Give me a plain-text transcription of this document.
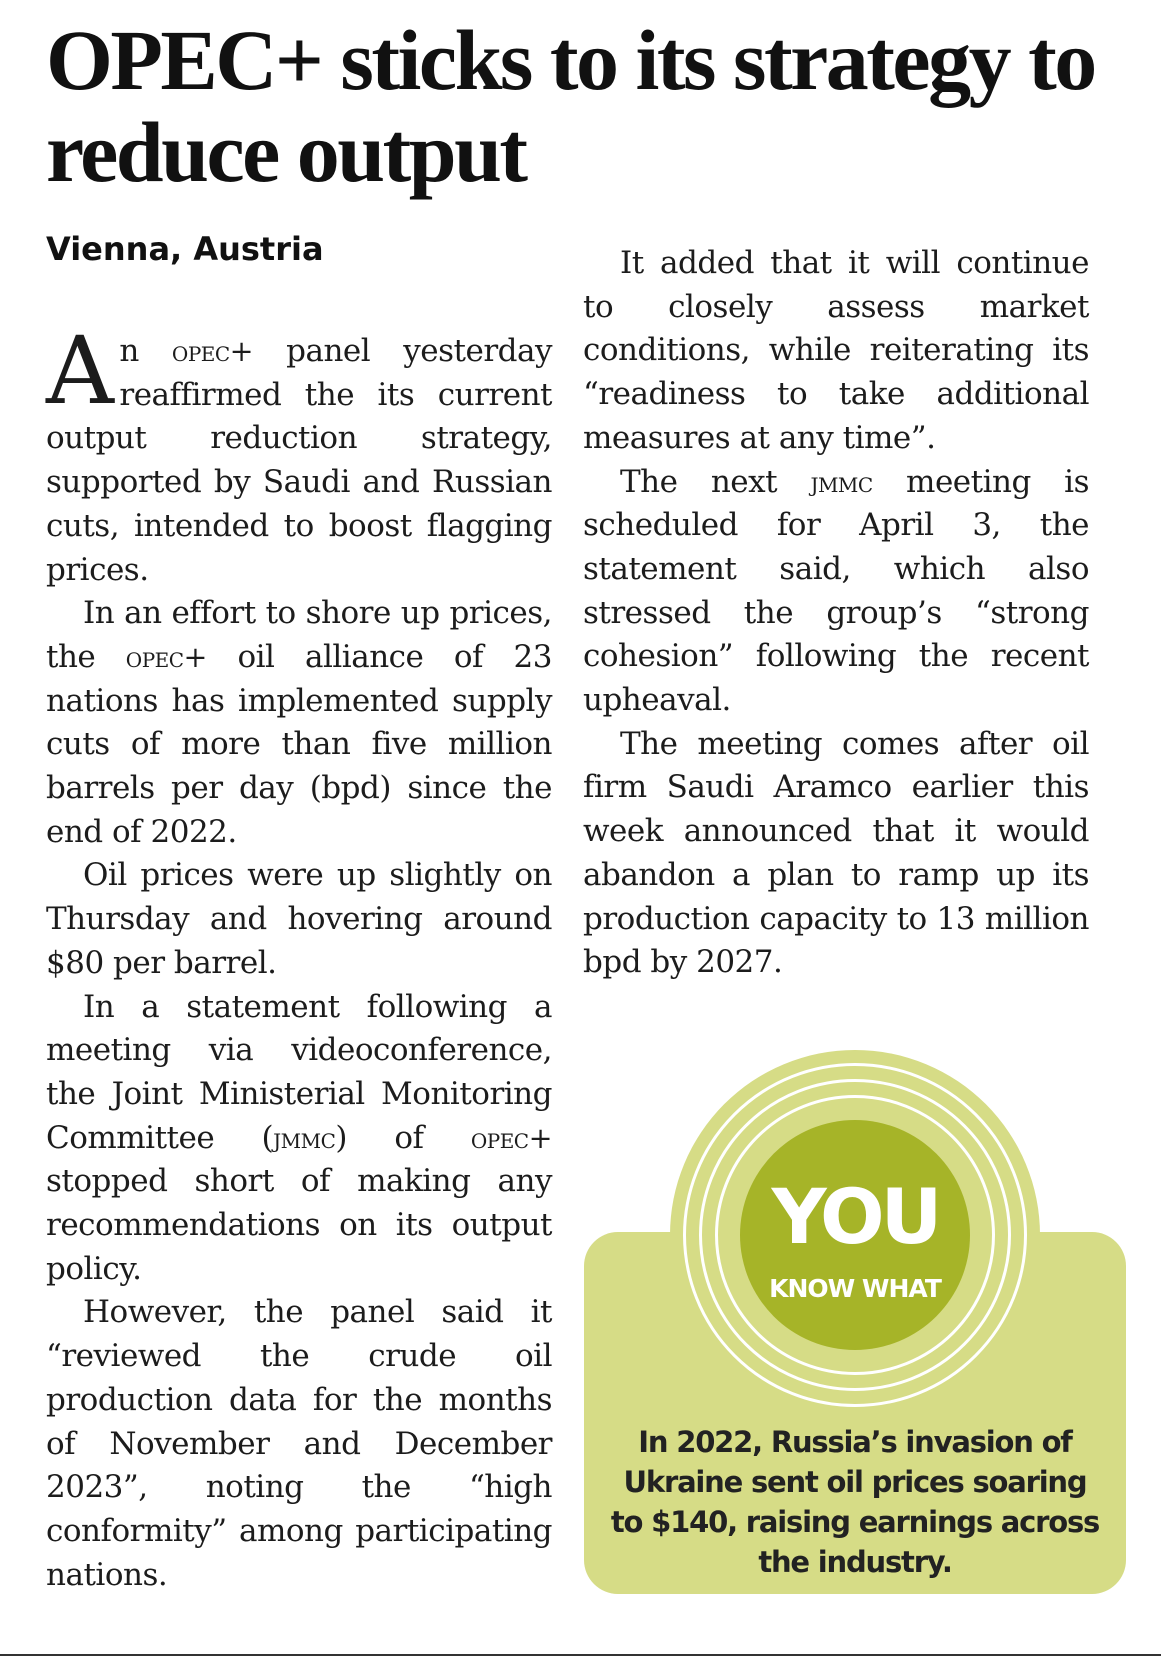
OPEC+ sticks to its strategy to reduce output
Vienna, Austria

An opec+ panel yesterday reaffirmed the its current output reduction strategy, supported by Saudi and Russian cuts, intended to boost flagging prices.

In an effort to shore up prices, the opec+ oil alliance of 23 nations has implemented supply cuts of more than five million barrels per day (bpd) since the end of 2022.

Oil prices were up slightly on Thursday and hovering around $80 per barrel.

In a statement following a meeting via videoconference, the Joint Ministerial Monitoring Committee (jmmc) of opec+ stopped short of making any recommendations on its output policy.

However, the panel said it “reviewed the crude oil production data for the months of November and December 2023”, noting the “high conformity” among participating nations.

It added that it will continue to closely assess market conditions, while reiterating its “readiness to take additional measures at any time”.

The next jmmc meeting is scheduled for April 3, the statement said, which also stressed the group’s “strong cohesion” following the recent upheaval.

The meeting comes after oil firm Saudi Aramco earlier this week announced that it would abandon a plan to ramp up its production capacity to 13 million bpd by 2027.

YOU
KNOW WHAT
In 2022, Russia’s invasion of Ukraine sent oil prices soaring to $140, raising earnings across the industry.
